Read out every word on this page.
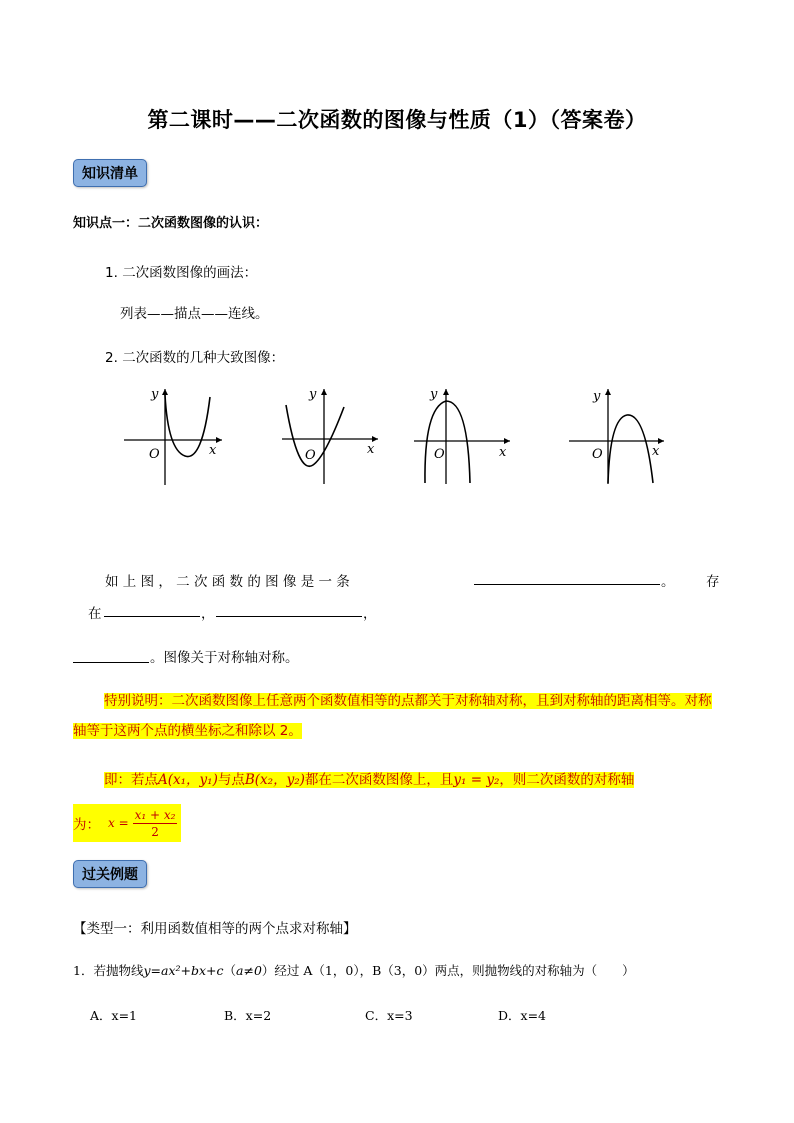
第二课时——二次函数的图像与性质（1）（答案卷）
知识清单
知识点一：二次函数图像的认识：
1. 二次函数图像的画法：
列表——描点——连线。
2. 二次函数的几种大致图像：
y
x
O
y
x
O
y
x
O
y
x
O
如 上 图 ， 二 次 函 数 的 图 像 是 一 条	。 存
在	，	，
。图像关于对称轴对称。
特别说明：二次函数图像上任意两个函数值相等的点都关于对称轴对称，且到对称轴的距离相等。对称轴等于这两个点的横坐标之和除以 2。
即：若点A(x₁，y₁)与点B(x₂，y₂)都在二次函数图像上，且y₁ = y₂，则二次函数的对称轴
为： $x = \frac{\text{x₁ + x₂}}{2}$
过关例题
【类型一：利用函数值相等的两个点求对称轴】
1．若抛物线y=ax²+bx+c（a≠0）经过 A（1，0），B（3，0）两点，则抛物线的对称轴为（　　）
A．x=1	B．x=2	C．x=3	D．x=4
